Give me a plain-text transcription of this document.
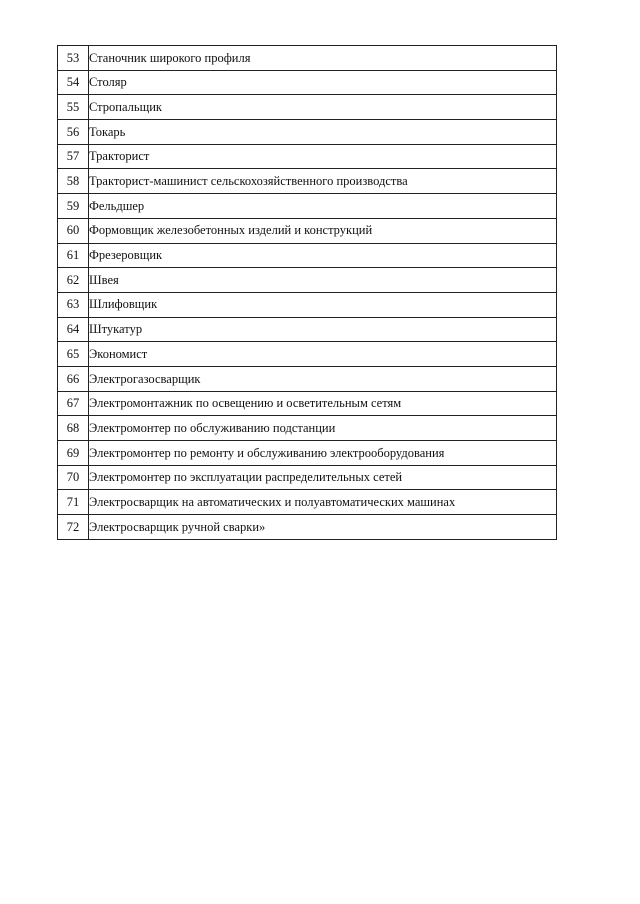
53	Станочник широкого профиля
54	Столяр
55	Стропальщик
56	Токарь
57	Тракторист
58	Тракторист-машинист сельскохозяйственного производства
59	Фельдшер
60	Формовщик железобетонных изделий и конструкций
61	Фрезеровщик
62	Швея
63	Шлифовщик
64	Штукатур
65	Экономист
66	Электрогазосварщик
67	Электромонтажник по освещению и осветительным сетям
68	Электромонтер по обслуживанию подстанции
69	Электромонтер по ремонту и обслуживанию электрооборудования
70	Электромонтер по эксплуатации распределительных сетей
71	Электросварщик на автоматических и полуавтоматических машинах
72	Электросварщик ручной сварки»
